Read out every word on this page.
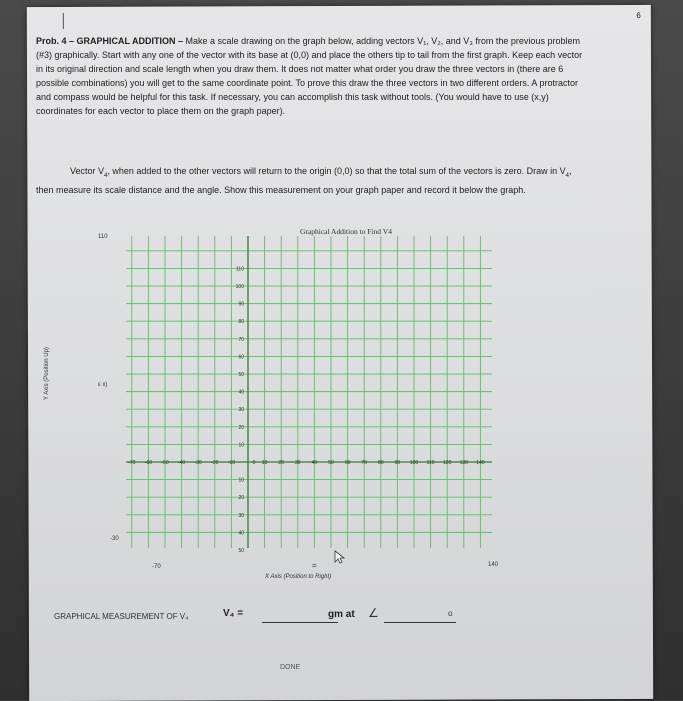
6
Prob. 4 – GRAPHICAL ADDITION – Make a scale drawing on the graph below, adding vectors V₁, V₂, and V₃ from the previous problem (#3) graphically. Start with any one of the vector with its base at (0,0) and place the others tip to tail from the first graph. Keep each vector in its original direction and scale length when you draw them. It does not matter what order you draw the three vectors in (there are 6 possible combinations) you will get to the same coordinate point. To prove this draw the three vectors in two different orders. A protractor and compass would be helpful for this task. If necessary, you can accomplish this task without tools. (You would have to use (x,y) coordinates for each vector to place them on the graph paper).
Vector $V_4$, when added to the other vectors will return to the origin (0,0) so that the total sum of the vectors is zero. Draw in $V_4$, then measure its scale distance and the angle. Show this measurement on your graph paper and record it below the graph.
110
100
90
80
70
60
50
40
30
20
10
10
20
30
40
50
-70 -60 -50 -40 -30 -20 -10	0 10 20 30 40 50 60 70 80 90 100 110 120 130 140
Graphical Addition to Find V4
110
ε x)
-30
-70	140
=
X Axis (Position to Right)
Y Axis (Position Up)
GRAPHICAL MEASUREMENT OF V₄	V₄ =	gm at ∠	o
DONE
